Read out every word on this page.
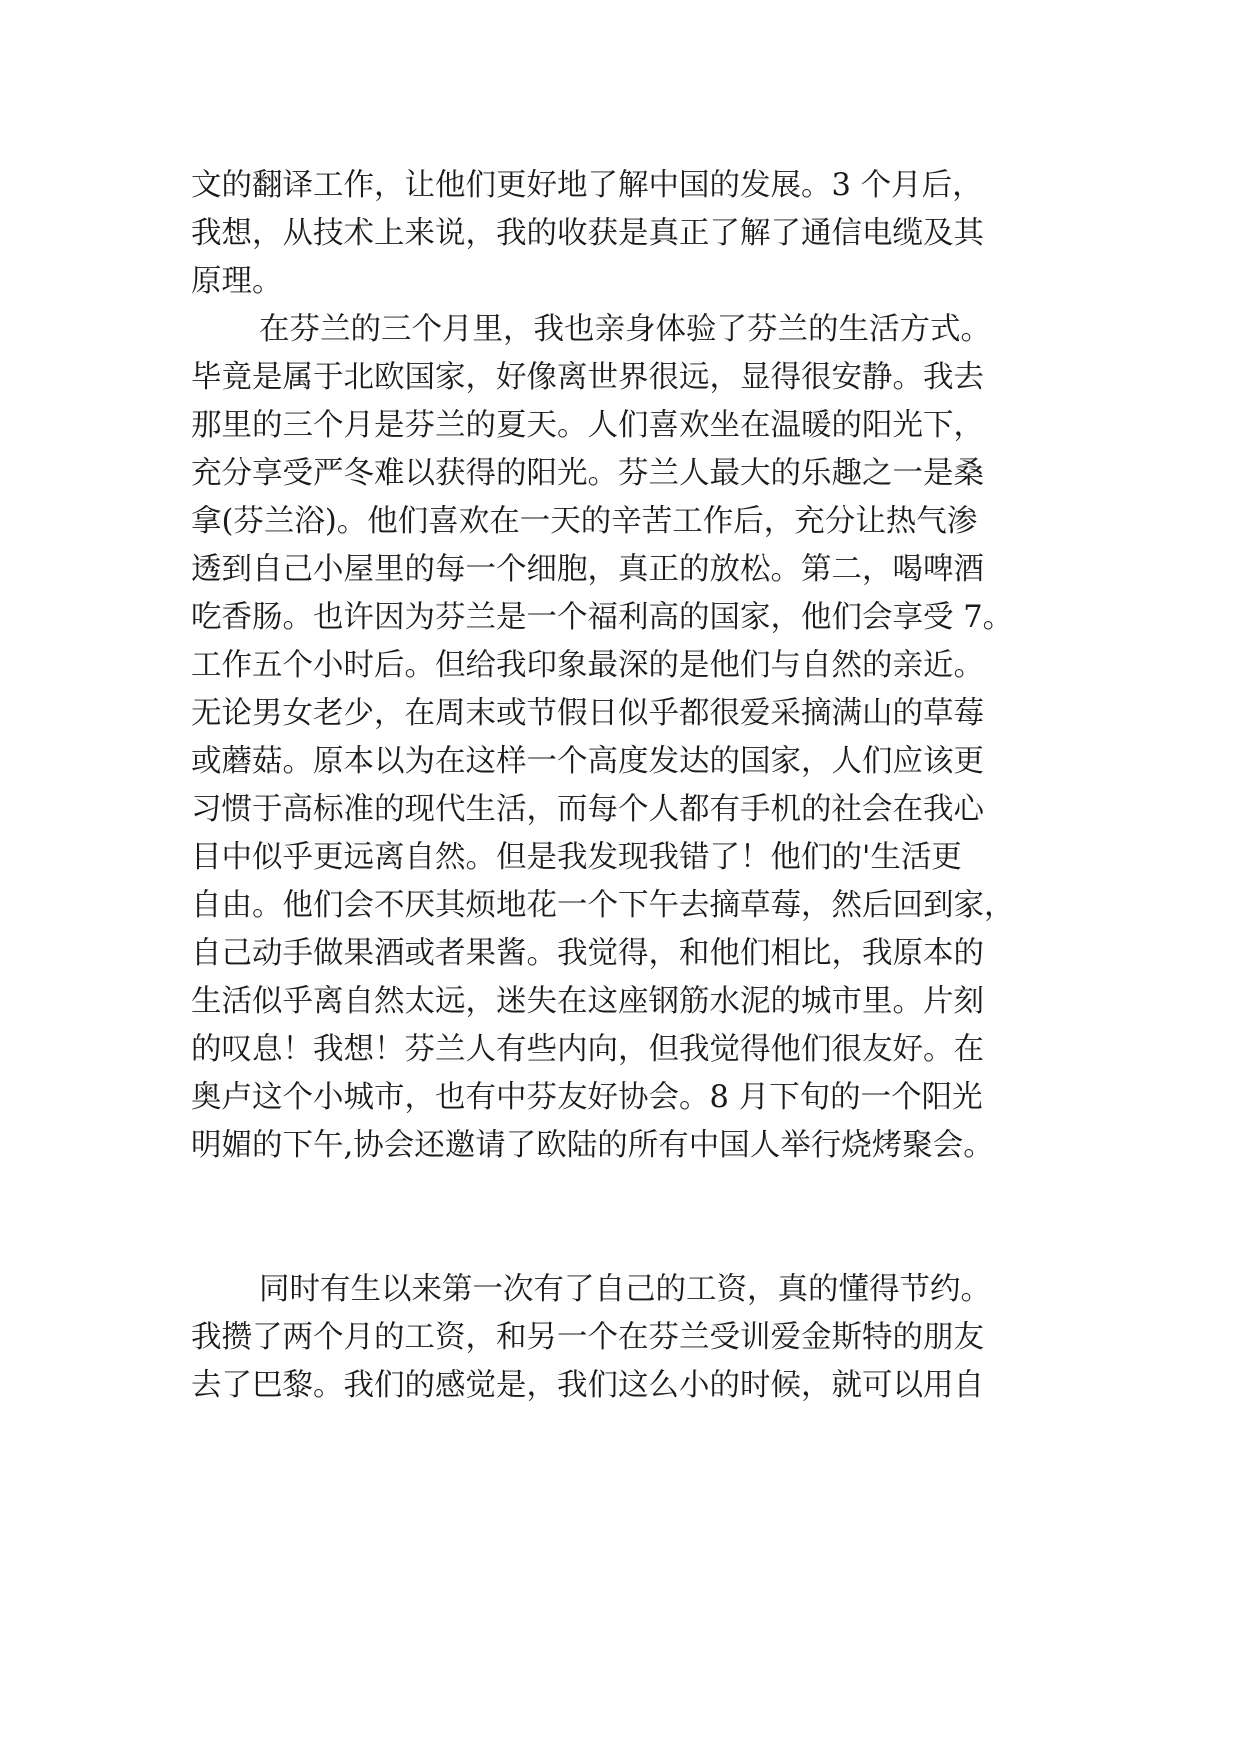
文的翻译工作，让他们更好地了解中国的发展。3 个月后，
我想，从技术上来说，我的收获是真正了解了通信电缆及其
原理。
在芬兰的三个月里，我也亲身体验了芬兰的生活方式。
毕竟是属于北欧国家，好像离世界很远，显得很安静。我去
那里的三个月是芬兰的夏天。人们喜欢坐在温暖的阳光下，
充分享受严冬难以获得的阳光。芬兰人最大的乐趣之一是桑
拿(芬兰浴)。他们喜欢在一天的辛苦工作后，充分让热气渗
透到自己小屋里的每一个细胞，真正的放松。第二，喝啤酒
吃香肠。也许因为芬兰是一个福利高的国家，他们会享受 7。
工作五个小时后。但给我印象最深的是他们与自然的亲近。
无论男女老少，在周末或节假日似乎都很爱采摘满山的草莓
或蘑菇。原本以为在这样一个高度发达的国家，人们应该更
习惯于高标准的现代生活，而每个人都有手机的社会在我心
目中似乎更远离自然。但是我发现我错了！他们的'生活更
自由。他们会不厌其烦地花一个下午去摘草莓，然后回到家，
自己动手做果酒或者果酱。我觉得，和他们相比，我原本的
生活似乎离自然太远，迷失在这座钢筋水泥的城市里。片刻
的叹息！我想！芬兰人有些内向，但我觉得他们很友好。在
奥卢这个小城市，也有中芬友好协会。8 月下旬的一个阳光
明媚的下午,协会还邀请了欧陆的所有中国人举行烧烤聚会。
同时有生以来第一次有了自己的工资，真的懂得节约。
我攒了两个月的工资，和另一个在芬兰受训爱金斯特的朋友
去了巴黎。我们的感觉是，我们这么小的时候，就可以用自
